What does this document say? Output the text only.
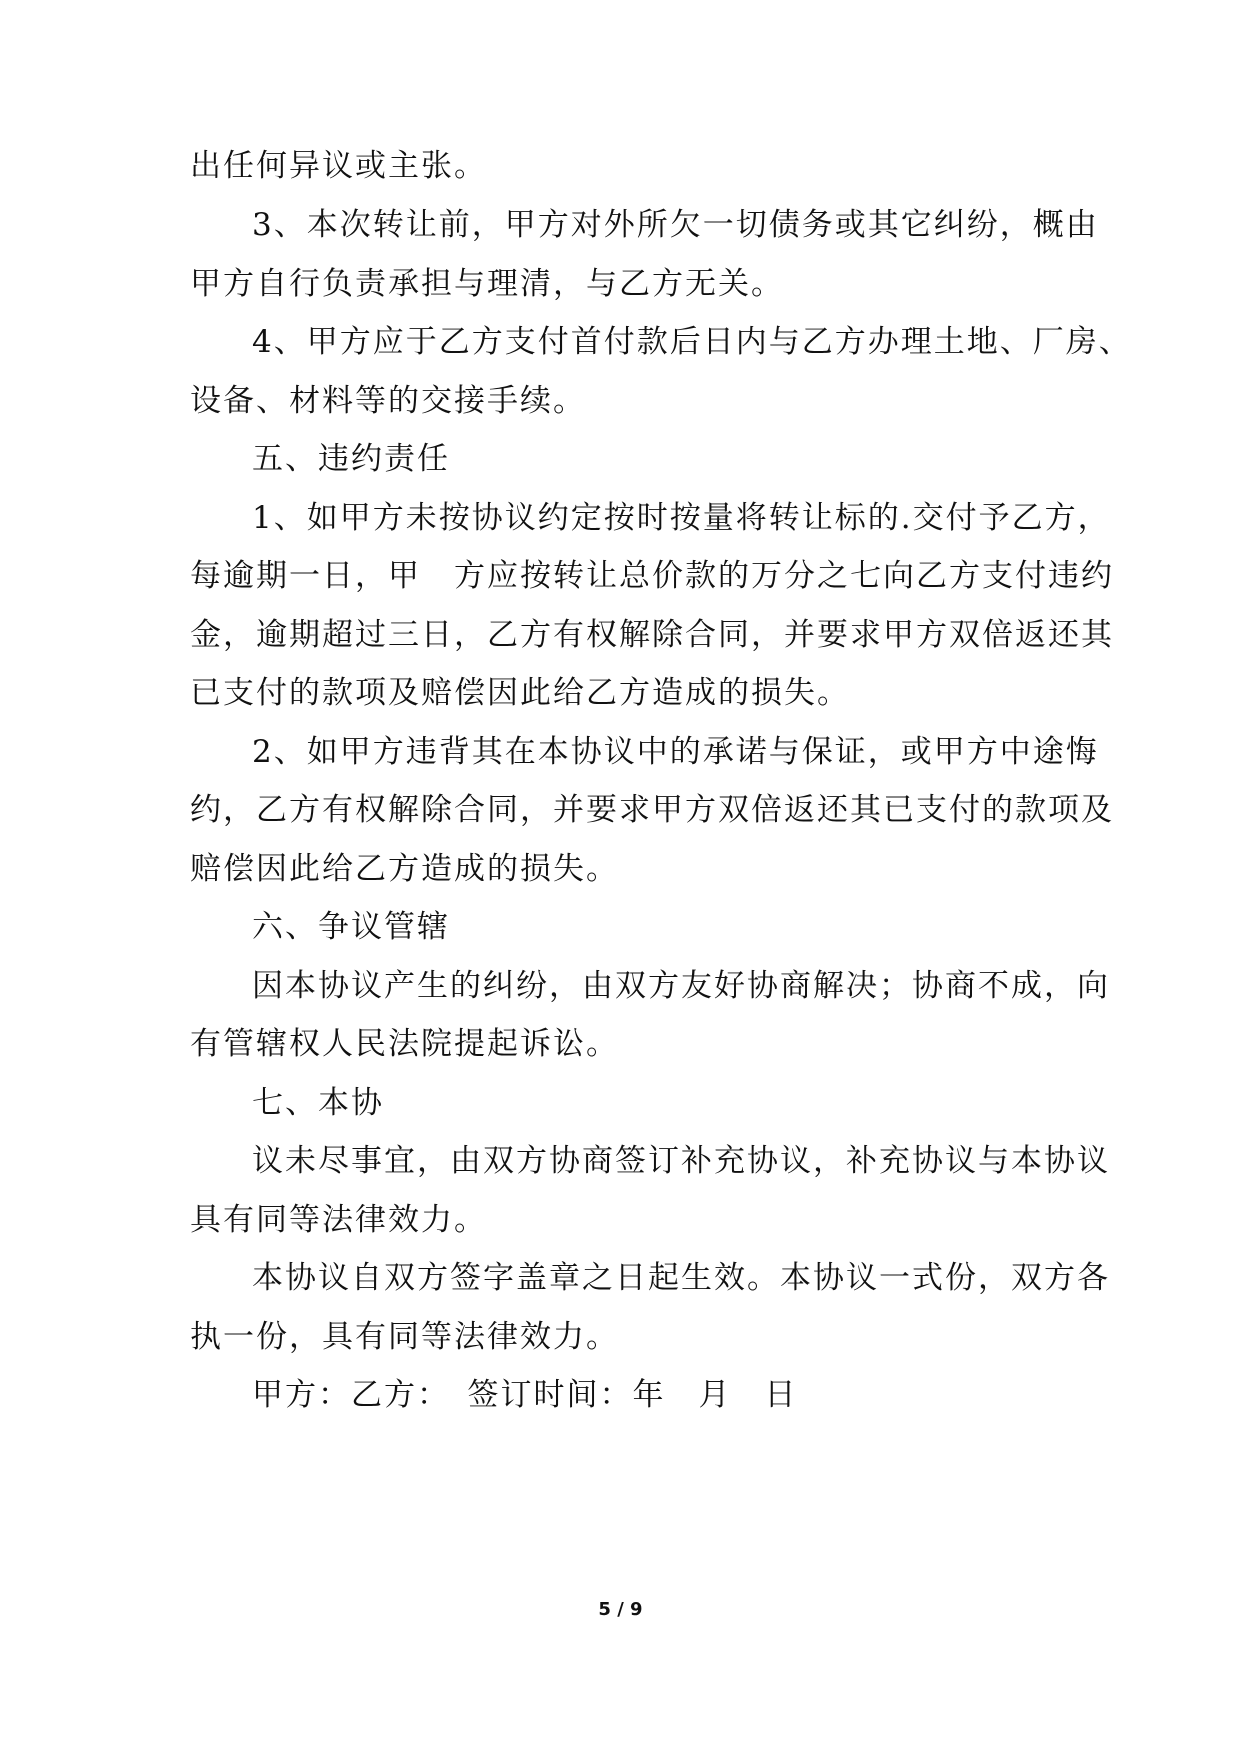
出任何异议或主张。
3、本次转让前，甲方对外所欠一切债务或其它纠纷，概由
甲方自行负责承担与理清，与乙方无关。
4、甲方应于乙方支付首付款后日内与乙方办理土地、厂房、
设备、材料等的交接手续。
五、违约责任
1、如甲方未按协议约定按时按量将转让标的.交付予乙方，
每逾期一日，甲　方应按转让总价款的万分之七向乙方支付违约
金，逾期超过三日，乙方有权解除合同，并要求甲方双倍返还其
已支付的款项及赔偿因此给乙方造成的损失。
2、如甲方违背其在本协议中的承诺与保证，或甲方中途悔
约，乙方有权解除合同，并要求甲方双倍返还其已支付的款项及
赔偿因此给乙方造成的损失。
六、争议管辖
因本协议产生的纠纷，由双方友好协商解决；协商不成，向
有管辖权人民法院提起诉讼。
七、本协
议未尽事宜，由双方协商签订补充协议，补充协议与本协议
具有同等法律效力。
本协议自双方签字盖章之日起生效。本协议一式份，双方各
执一份，具有同等法律效力。
甲方：乙方：　签订时间：年　月　日
5 / 9
